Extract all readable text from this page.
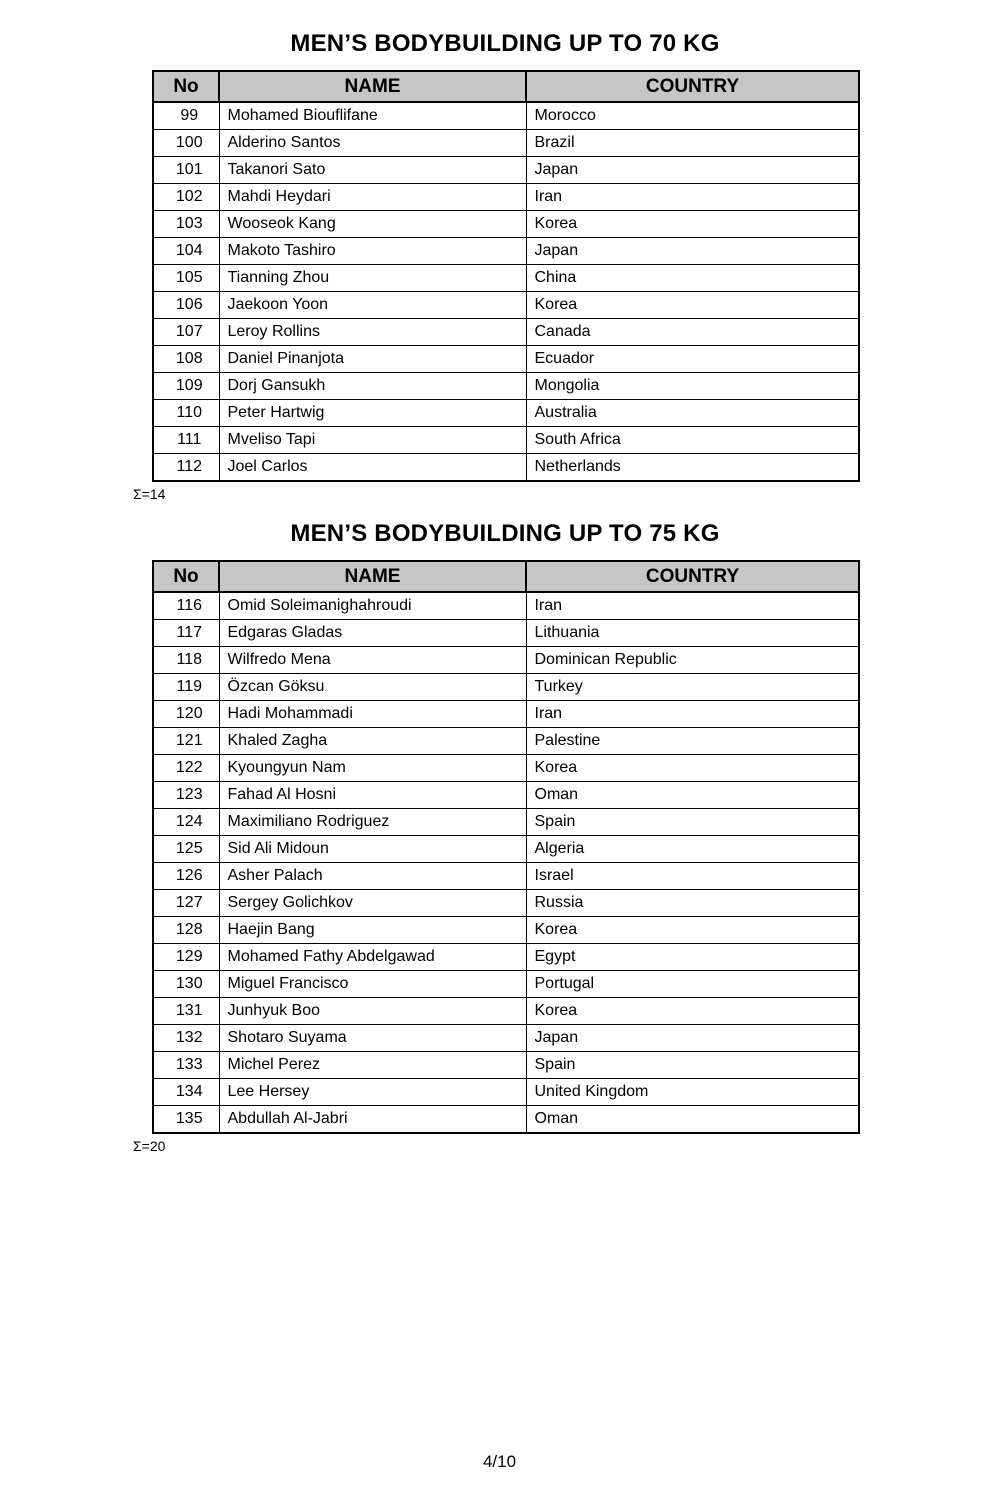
MEN’S BODYBUILDING UP TO 70 KG
No	NAME	COUNTRY
99	Mohamed Biouflifane	Morocco
100	Alderino Santos	Brazil
101	Takanori Sato	Japan
102	Mahdi Heydari	Iran
103	Wooseok Kang	Korea
104	Makoto Tashiro	Japan
105	Tianning Zhou	China
106	Jaekoon Yoon	Korea
107	Leroy Rollins	Canada
108	Daniel Pinanjota	Ecuador
109	Dorj Gansukh	Mongolia
110	Peter Hartwig	Australia
111	Mveliso Tapi	South Africa
112	Joel Carlos	Netherlands
Σ=14
MEN’S BODYBUILDING UP TO 75 KG
No	NAME	COUNTRY
116	Omid Soleimanighahroudi	Iran
117	Edgaras Gladas	Lithuania
118	Wilfredo Mena	Dominican Republic
119	Özcan Göksu	Turkey
120	Hadi Mohammadi	Iran
121	Khaled Zagha	Palestine
122	Kyoungyun Nam	Korea
123	Fahad Al Hosni	Oman
124	Maximiliano Rodriguez	Spain
125	Sid Ali Midoun	Algeria
126	Asher Palach	Israel
127	Sergey Golichkov	Russia
128	Haejin Bang	Korea
129	Mohamed Fathy Abdelgawad	Egypt
130	Miguel Francisco	Portugal
131	Junhyuk Boo	Korea
132	Shotaro Suyama	Japan
133	Michel Perez	Spain
134	Lee Hersey	United Kingdom
135	Abdullah Al-Jabri	Oman
Σ=20
4/10
